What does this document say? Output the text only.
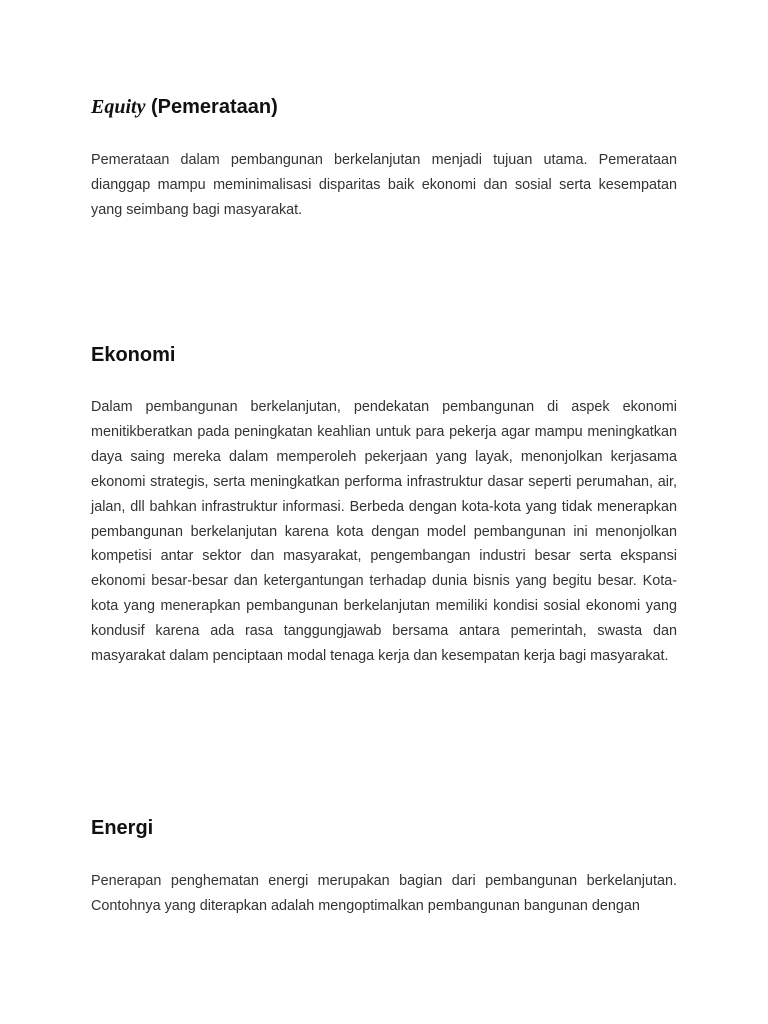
Equity (Pemerataan)

Pemerataan dalam pembangunan berkelanjutan menjadi tujuan utama. Pemerataan dianggap mampu meminimalisasi disparitas baik ekonomi dan sosial serta kesempatan yang seimbang bagi masyarakat.

Ekonomi

Dalam pembangunan berkelanjutan, pendekatan pembangunan di aspek ekonomi menitikberatkan pada peningkatan keahlian untuk para pekerja agar mampu meningkatkan daya saing mereka dalam memperoleh pekerjaan yang layak, menonjolkan kerjasama ekonomi strategis, serta meningkatkan performa infrastruktur dasar seperti perumahan, air, jalan, dll bahkan infrastruktur informasi. Berbeda dengan kota-kota yang tidak menerapkan pembangunan berkelanjutan karena kota dengan model pembangunan ini menonjolkan kompetisi antar sektor dan masyarakat, pengembangan industri besar serta ekspansi ekonomi besar-besar dan ketergantungan terhadap dunia bisnis yang begitu besar. Kota-kota yang menerapkan pembangunan berkelanjutan memiliki kondisi sosial ekonomi yang kondusif karena ada rasa tanggungjawab bersama antara pemerintah, swasta dan masyarakat dalam penciptaan modal tenaga kerja dan kesempatan kerja bagi masyarakat.

Energi

Penerapan penghematan energi merupakan bagian dari pembangunan berkelanjutan. Contohnya yang diterapkan adalah mengoptimalkan pembangunan bangunan dengan
